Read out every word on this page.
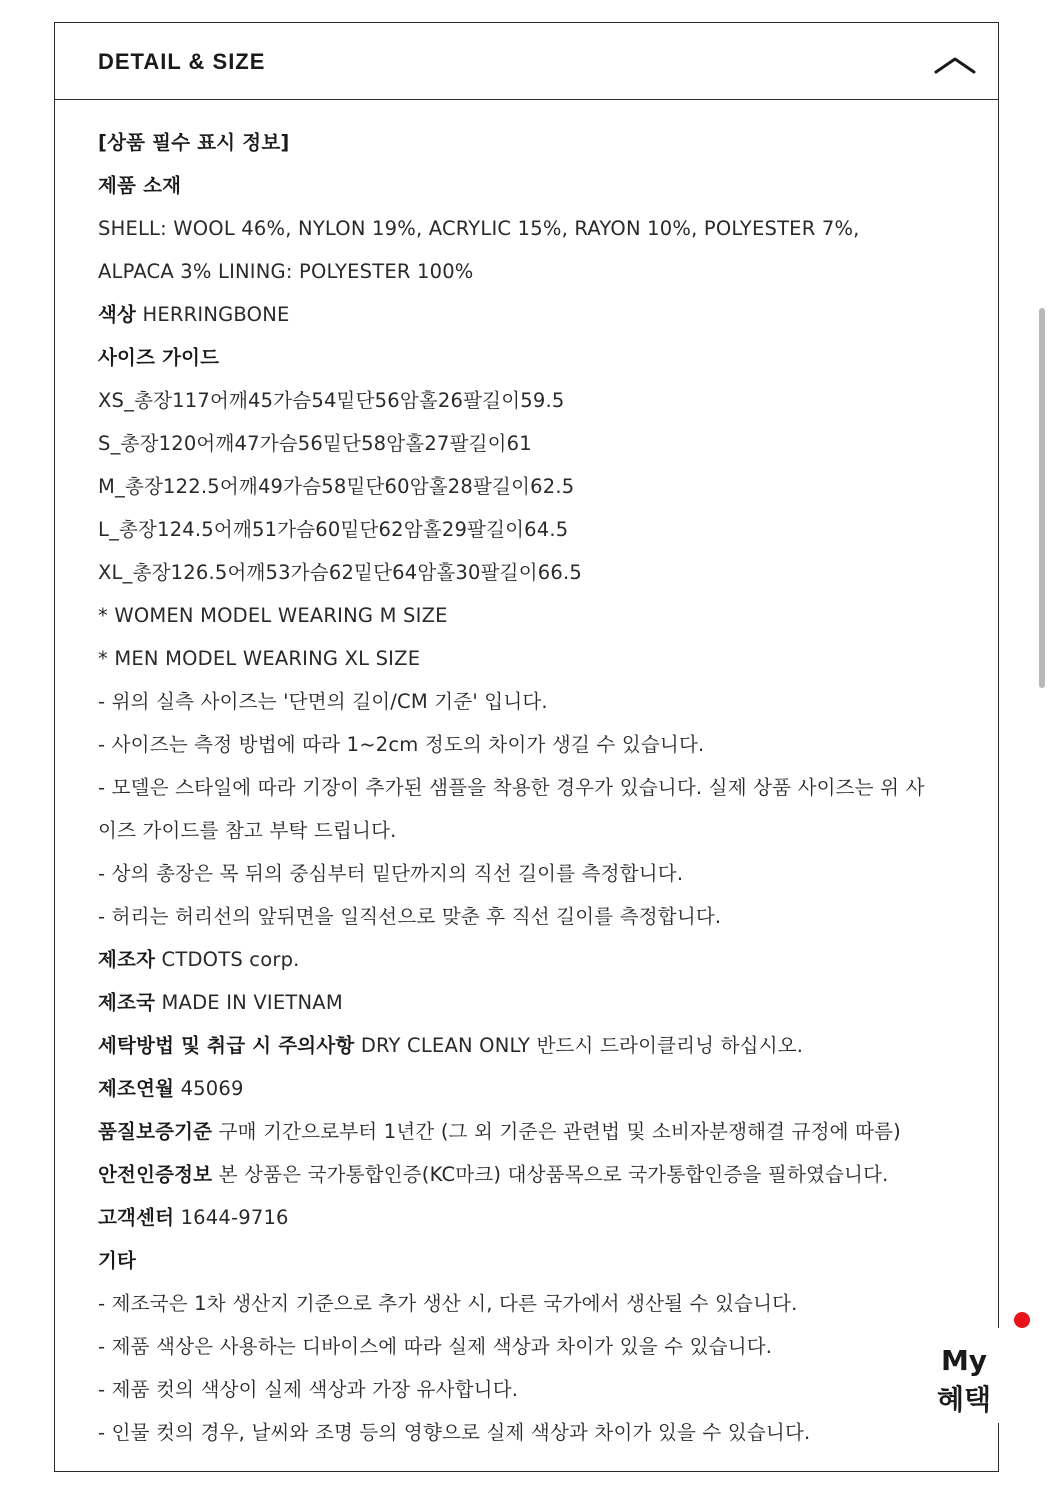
DETAIL & SIZE
[상품 필수 표시 정보]
제품 소재
SHELL: WOOL 46%, NYLON 19%, ACRYLIC 15%, RAYON 10%, POLYESTER 7%,
ALPACA 3% LINING: POLYESTER 100%
색상 HERRINGBONE
사이즈 가이드
XS_총장117어깨45가슴54밑단56암홀26팔길이59.5
S_총장120어깨47가슴56밑단58암홀27팔길이61
M_총장122.5어깨49가슴58밑단60암홀28팔길이62.5
L_총장124.5어깨51가슴60밑단62암홀29팔길이64.5
XL_총장126.5어깨53가슴62밑단64암홀30팔길이66.5
* WOMEN MODEL WEARING M SIZE
* MEN MODEL WEARING XL SIZE
- 위의 실측 사이즈는 '단면의 길이/CM 기준' 입니다.
- 사이즈는 측정 방법에 따라 1~2cm 정도의 차이가 생길 수 있습니다.
- 모델은 스타일에 따라 기장이 추가된 샘플을 착용한 경우가 있습니다. 실제 상품 사이즈는 위 사
이즈 가이드를 참고 부탁 드립니다.
- 상의 총장은 목 뒤의 중심부터 밑단까지의 직선 길이를 측정합니다.
- 허리는 허리선의 앞뒤면을 일직선으로 맞춘 후 직선 길이를 측정합니다.
제조자 CTDOTS corp.
제조국 MADE IN VIETNAM
세탁방법 및 취급 시 주의사항 DRY CLEAN ONLY 반드시 드라이클리닝 하십시오.
제조연월 45069
품질보증기준 구매 기간으로부터 1년간 (그 외 기준은 관련법 및 소비자분쟁해결 규정에 따름)
안전인증정보 본 상품은 국가통합인증(KC마크) 대상품목으로 국가통합인증을 필하였습니다.
고객센터 1644-9716
기타
- 제조국은 1차 생산지 기준으로 추가 생산 시, 다른 국가에서 생산될 수 있습니다.
- 제품 색상은 사용하는 디바이스에 따라 실제 색상과 차이가 있을 수 있습니다.
- 제품 컷의 색상이 실제 색상과 가장 유사합니다.
- 인물 컷의 경우, 날씨와 조명 등의 영향으로 실제 색상과 차이가 있을 수 있습니다.
My
혜택
